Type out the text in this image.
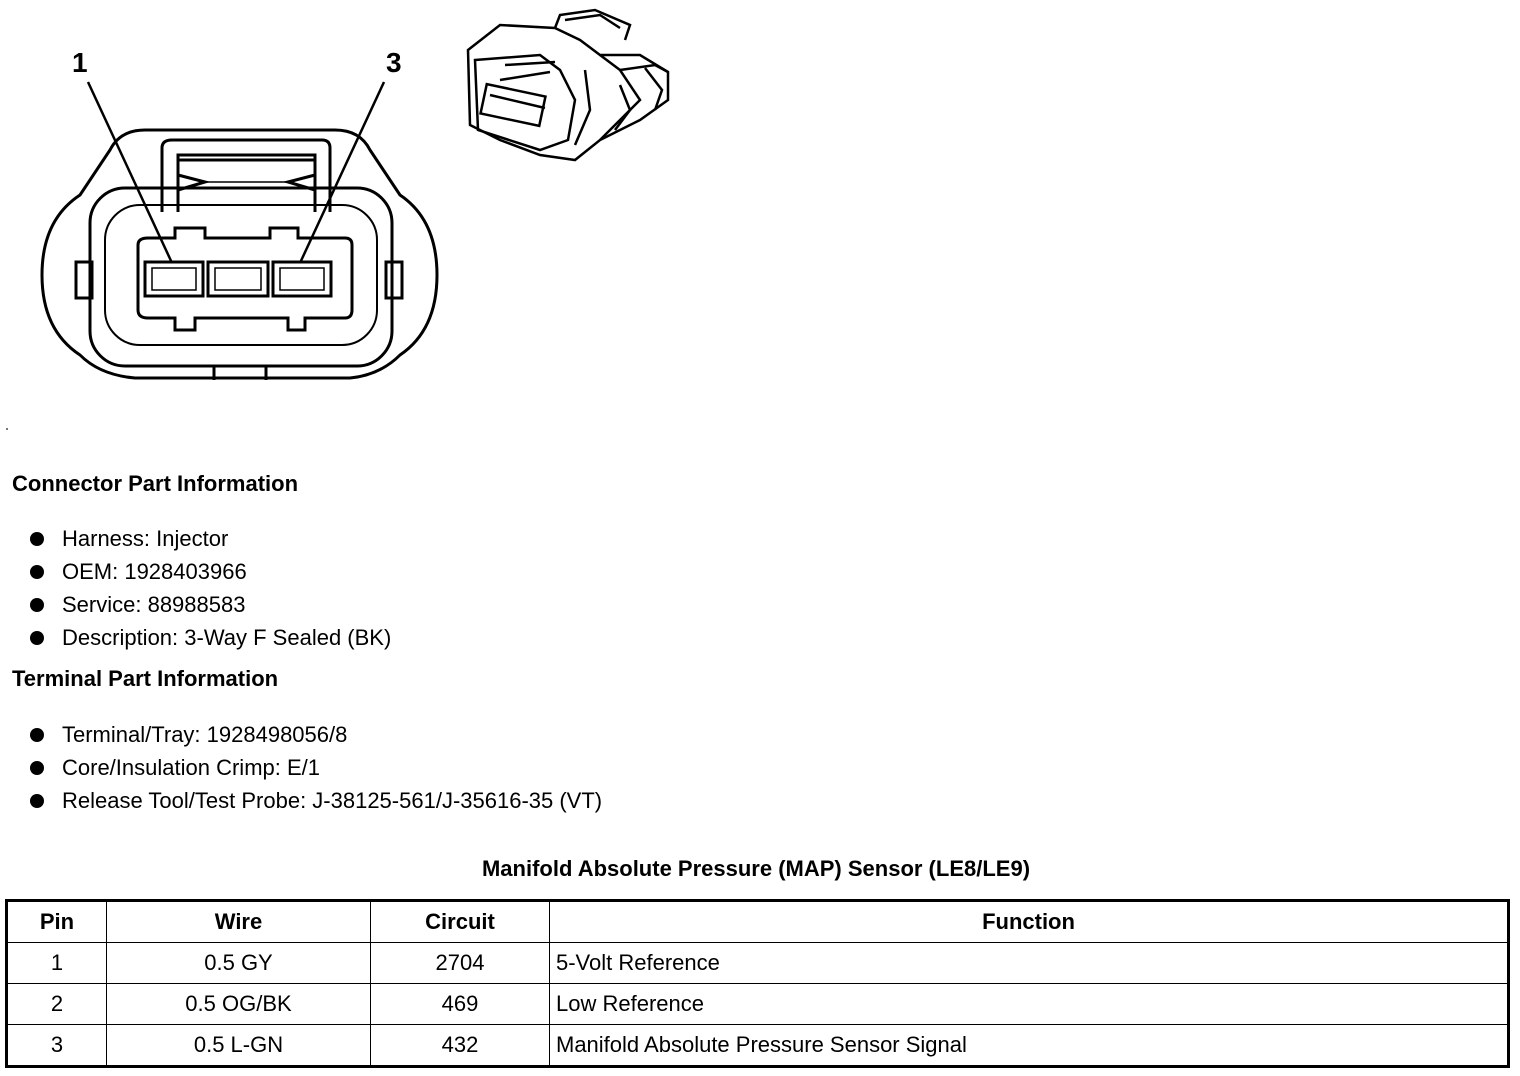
1	3
Connector Part Information
Harness: Injector
OEM: 1928403966
Service: 88988583
Description: 3-Way F Sealed (BK)
Terminal Part Information
Terminal/Tray: 1928498056/8
Core/Insulation Crimp: E/1
Release Tool/Test Probe: J-38125-561/J-35616-35 (VT)
Manifold Absolute Pressure (MAP) Sensor (LE8/LE9)
Pin	Wire	Circuit	Function
1	0.5 GY	2704	5-Volt Reference
2	0.5 OG/BK	469	Low Reference
3	0.5 L-GN	432	Manifold Absolute Pressure Sensor Signal
